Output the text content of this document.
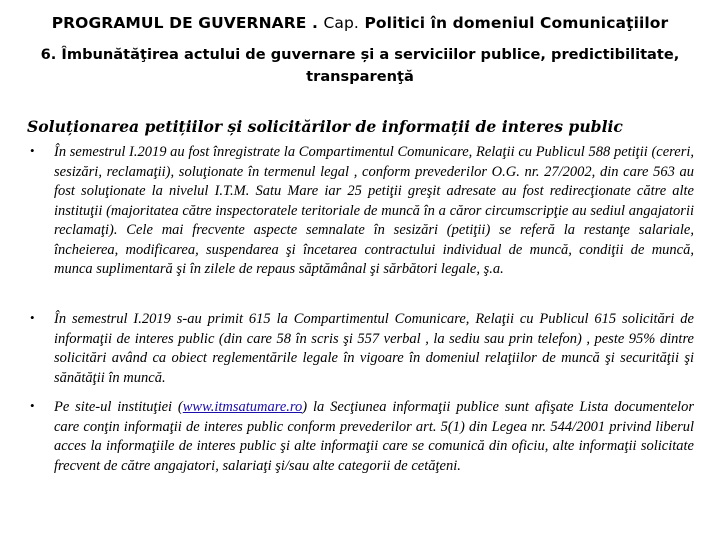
PROGRAMUL DE GUVERNARE . Cap. Politici în domeniul Comunicaţiilor
6. Îmbunătăţirea actului de guvernare și a serviciilor publice, predictibilitate, transparenţă
Soluționarea petițiilor și solicitărilor de informații de interes public
• În semestrul I.2019 au fost înregistrate la Compartimentul Comunicare, Relaţii cu Publicul 588 petiţii (cereri, sesizări, reclamaţii), soluţionate în termenul legal , conform prevederilor O.G. nr. 27/2002, din care 563 au fost soluţionate la nivelul I.T.M. Satu Mare iar 25 petiţii greşit adresate au fost redirecţionate către alte instituţii (majoritatea către inspectoratele teritoriale de muncă în a căror circumscripţie au sediul angajatorii reclamaţi). Cele mai frecvente aspecte semnalate în sesizări (petiţii) se referă la restanţe salariale, încheierea, modificarea, suspendarea şi încetarea contractului individual de muncă, condiţii de muncă, munca suplimentară şi în zilele de repaus săptămânal şi sărbători legale, ş.a.
• În semestrul I.2019 s-au primit 615 la Compartimentul Comunicare, Relaţii cu Publicul 615 solicitări de informaţii de interes public (din care 58 în scris şi 557 verbal , la sediu sau prin telefon) , peste 95% dintre solicitări având ca obiect reglementările legale în vigoare în domeniul relaţiilor de muncă şi securităţii şi sănătăţii în muncă.
• Pe site-ul instituţiei (www.itmsatumare.ro) la Secţiunea informaţii publice sunt afişate Lista documentelor care conţin informaţii de interes public conform prevederilor art. 5(1) din Legea nr. 544/2001 privind liberul acces la informaţiile de interes public şi alte informaţii care se comunică din oficiu, alte informaţii solicitate frecvent de către angajatori, salariaţi şi/sau alte categorii de cetăţeni.
